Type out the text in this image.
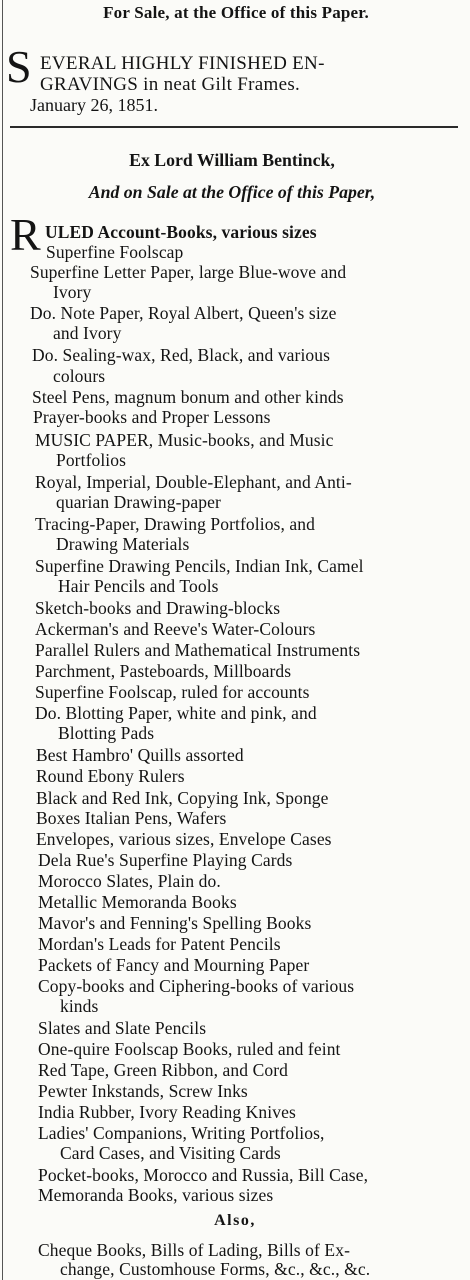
For Sale, at the Office of this Paper.
S EVERAL HIGHLY FINISHED EN-
GRAVINGS in neat Gilt Frames.
January 26, 1851.
Ex Lord William Bentinck,
And on Sale at the Office of this Paper,
R ULED Account-Books, various sizes
Superfine Foolscap
Superfine Letter Paper, large Blue-wove and
Ivory
Do. Note Paper, Royal Albert, Queen's size
and Ivory
Do. Sealing-wax, Red, Black, and various
colours
Steel Pens, magnum bonum and other kinds
Prayer-books and Proper Lessons
MUSIC PAPER, Music-books, and Music
Portfolios
Royal, Imperial, Double-Elephant, and Anti-
quarian Drawing-paper
Tracing-Paper, Drawing Portfolios, and
Drawing Materials
Superfine Drawing Pencils, Indian Ink, Camel
Hair Pencils and Tools
Sketch-books and Drawing-blocks
Ackerman's and Reeve's Water-Colours
Parallel Rulers and Mathematical Instruments
Parchment, Pasteboards, Millboards
Superfine Foolscap, ruled for accounts
Do. Blotting Paper, white and pink, and
Blotting Pads
Best Hambro' Quills assorted
Round Ebony Rulers
Black and Red Ink, Copying Ink, Sponge
Boxes Italian Pens, Wafers
Envelopes, various sizes, Envelope Cases
Dela Rue's Superfine Playing Cards
Morocco Slates, Plain do.
Metallic Memoranda Books
Mavor's and Fenning's Spelling Books
Mordan's Leads for Patent Pencils
Packets of Fancy and Mourning Paper
Copy-books and Ciphering-books of various
kinds
Slates and Slate Pencils
One-quire Foolscap Books, ruled and feint
Red Tape, Green Ribbon, and Cord
Pewter Inkstands, Screw Inks
India Rubber, Ivory Reading Knives
Ladies' Companions, Writing Portfolios,
Card Cases, and Visiting Cards
Pocket-books, Morocco and Russia, Bill Case,
Memoranda Books, various sizes
Also,
Cheque Books, Bills of Lading, Bills of Ex-
change, Customhouse Forms, &c., &c., &c.
